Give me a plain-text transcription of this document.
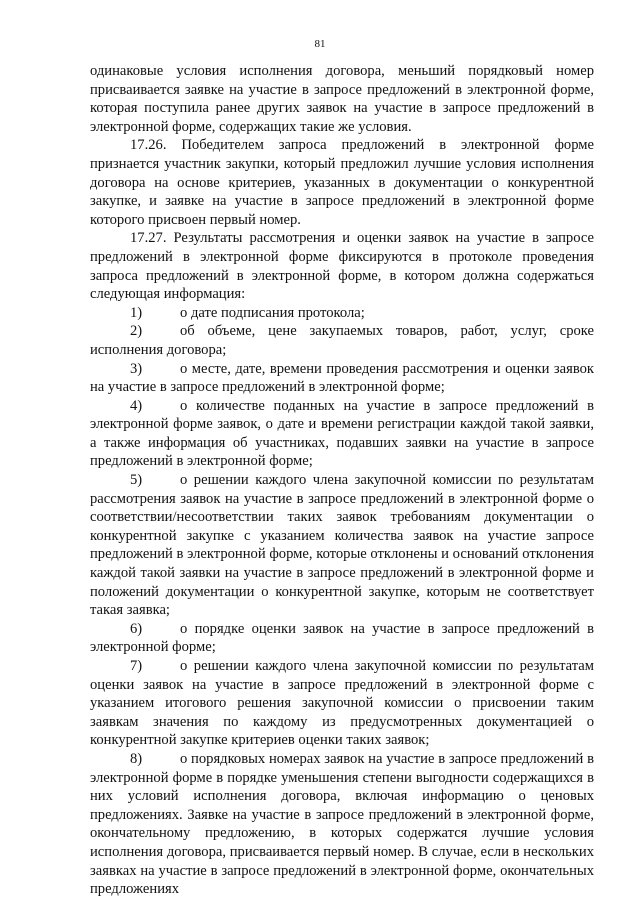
81

одинаковые условия исполнения договора, меньший порядковый номер присваивается заявке на участие в запросе предложений в электронной форме, которая поступила ранее других заявок на участие в запросе предложений в электронной форме, содержащих такие же условия.

17.26. Победителем запроса предложений в электронной форме признается участник закупки, который предложил лучшие условия исполнения договора на основе критериев, указанных в документации о конкурентной закупке, и заявке на участие в запросе предложений в электронной форме которого присвоен первый номер.

17.27. Результаты рассмотрения и оценки заявок на участие в запросе предложений в электронной форме фиксируются в протоколе проведения запроса предложений в электронной форме, в котором должна содержаться следующая информация:

1)	о дате подписания протокола;

2)	об объеме, цене закупаемых товаров, работ, услуг, сроке исполнения договора;

3)	о месте, дате, времени проведения рассмотрения и оценки заявок на участие в запросе предложений в электронной форме;

4)	о количестве поданных на участие в запросе предложений в электронной форме заявок, о дате и времени регистрации каждой такой заявки, а также информация об участниках, подавших заявки на участие в запросе предложений в электронной форме;

5)	о решении каждого члена закупочной комиссии по результатам рассмотрения заявок на участие в запросе предложений в электронной форме о соответствии/несоответствии таких заявок требованиям документации о конкурентной закупке с указанием количества заявок на участие запросе предложений в электронной форме, которые отклонены и оснований отклонения каждой такой заявки на участие в запросе предложений в электронной форме и положений документации о конкурентной закупке, которым не соответствует такая заявка;

6)	о порядке оценки заявок на участие в запросе предложений в электронной форме;

7)	о решении каждого члена закупочной комиссии по результатам оценки заявок на участие в запросе предложений в электронной форме с указанием итогового решения закупочной комиссии о присвоении таким заявкам значения по каждому из предусмотренных документацией о конкурентной закупке критериев оценки таких заявок;

8)	о порядковых номерах заявок на участие в запросе предложений в электронной форме в порядке уменьшения степени выгодности содержащихся в них условий исполнения договора, включая информацию о ценовых предложениях. Заявке на участие в запросе предложений в электронной форме, окончательному предложению, в которых содержатся лучшие условия исполнения договора, присваивается первый номер. В случае, если в нескольких заявках на участие в запросе предложений в электронной форме, окончательных предложениях
